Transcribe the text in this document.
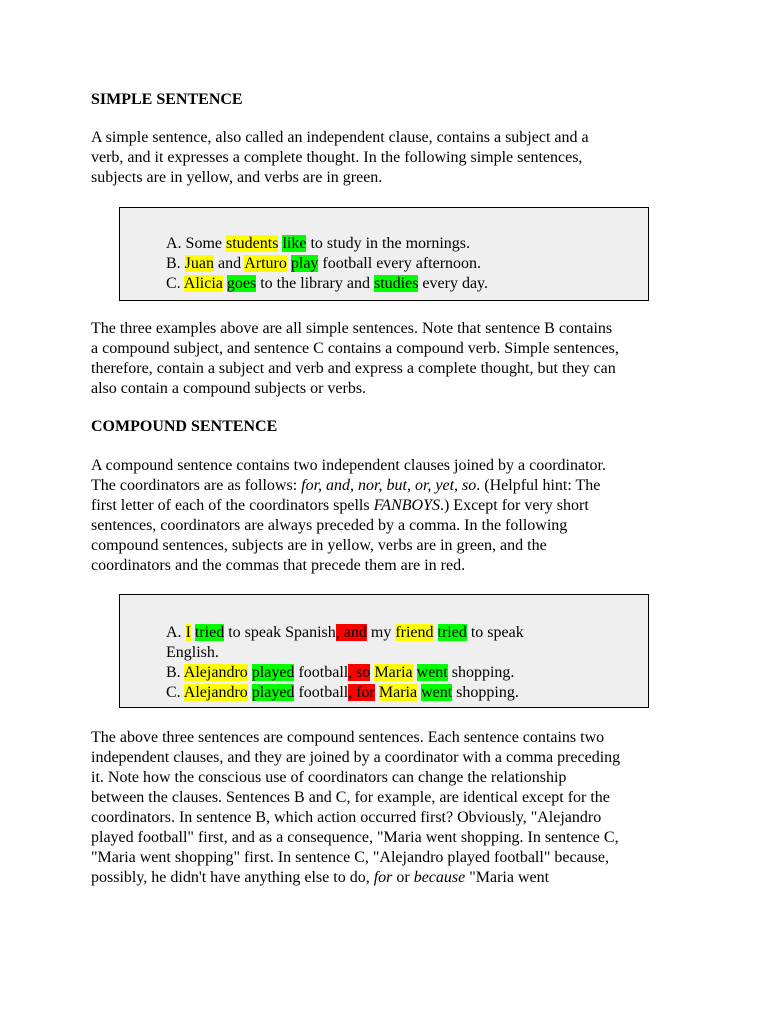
SIMPLE SENTENCE
A simple sentence, also called an independent clause, contains a subject and a
verb, and it expresses a complete thought. In the following simple sentences,
subjects are in yellow, and verbs are in green.
A. Some students like to study in the mornings.
B. Juan and Arturo play football every afternoon.
C. Alicia goes to the library and studies every day.
The three examples above are all simple sentences. Note that sentence B contains
a compound subject, and sentence C contains a compound verb. Simple sentences,
therefore, contain a subject and verb and express a complete thought, but they can
also contain a compound subjects or verbs.
COMPOUND SENTENCE
A compound sentence contains two independent clauses joined by a coordinator.
The coordinators are as follows: for, and, nor, but, or, yet, so. (Helpful hint: The
first letter of each of the coordinators spells FANBOYS.) Except for very short
sentences, coordinators are always preceded by a comma. In the following
compound sentences, subjects are in yellow, verbs are in green, and the
coordinators and the commas that precede them are in red.
A. I tried to speak Spanish, and my friend tried to speak
English.
B. Alejandro played football, so Maria went shopping.
C. Alejandro played football, for Maria went shopping.
The above three sentences are compound sentences. Each sentence contains two
independent clauses, and they are joined by a coordinator with a comma preceding
it. Note how the conscious use of coordinators can change the relationship
between the clauses. Sentences B and C, for example, are identical except for the
coordinators. In sentence B, which action occurred first? Obviously, "Alejandro
played football" first, and as a consequence, "Maria went shopping. In sentence C,
"Maria went shopping" first. In sentence C, "Alejandro played football" because,
possibly, he didn't have anything else to do, for or because "Maria went
